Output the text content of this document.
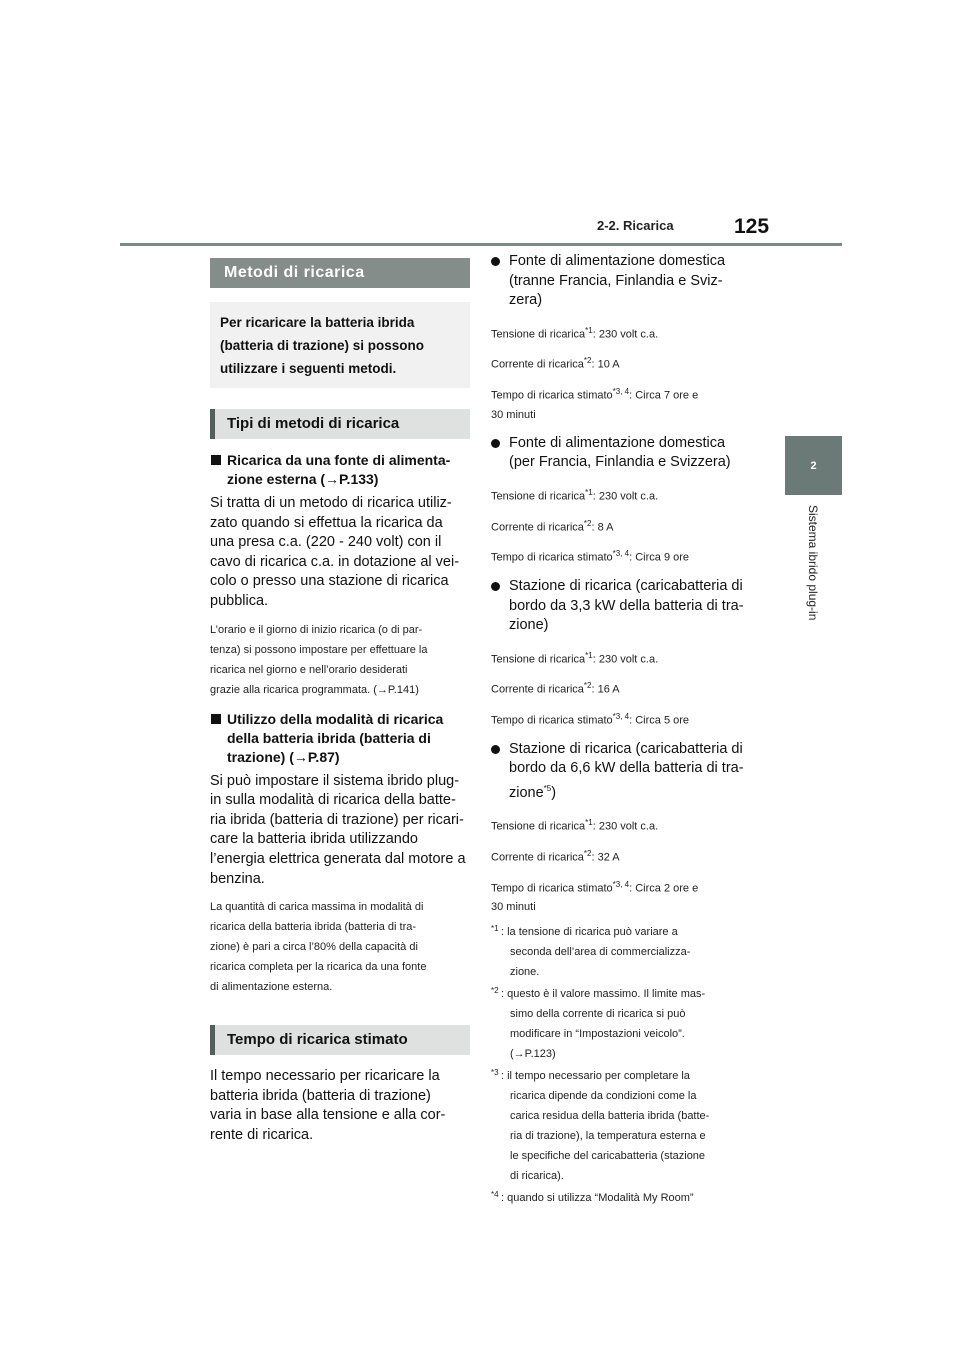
2-2. Ricarica	125
2
Sistema ibrido plug-in
Metodi di ricarica
Per ricaricare la batteria ibrida
(batteria di trazione) si possono
utilizzare i seguenti metodi.
Tipi di metodi di ricarica
Ricarica da una fonte di alimenta-
zione esterna (→P.133)
Si tratta di un metodo di ricarica utiliz-
zato quando si effettua la ricarica da
una presa c.a. (220 - 240 volt) con il
cavo di ricarica c.a. in dotazione al vei-
colo o presso una stazione di ricarica
pubblica.
L’orario e il giorno di inizio ricarica (o di par-
tenza) si possono impostare per effettuare la
ricarica nel giorno e nell’orario desiderati
grazie alla ricarica programmata. (→P.141)
Utilizzo della modalità di ricarica
della batteria ibrida (batteria di
trazione) (→P.87)
Si può impostare il sistema ibrido plug-
in sulla modalità di ricarica della batte-
ria ibrida (batteria di trazione) per ricari-
care la batteria ibrida utilizzando
l’energia elettrica generata dal motore a
benzina.
La quantità di carica massima in modalità di
ricarica della batteria ibrida (batteria di tra-
zione) è pari a circa l’80% della capacità di
ricarica completa per la ricarica da una fonte
di alimentazione esterna.
Tempo di ricarica stimato
Il tempo necessario per ricaricare la
batteria ibrida (batteria di trazione)
varia in base alla tensione e alla cor-
rente di ricarica.
Fonte di alimentazione domestica
(tranne Francia, Finlandia e Sviz-
zera)
Tensione di ricarica$^{*1}$: 230 volt c.a.
Corrente di ricarica$^{*2}$: 10 A
Tempo di ricarica stimato$^{*3, 4}$: Circa 7 ore e
30 minuti
Fonte di alimentazione domestica
(per Francia, Finlandia e Svizzera)
Tensione di ricarica$^{*1}$: 230 volt c.a.
Corrente di ricarica$^{*2}$: 8 A
Tempo di ricarica stimato$^{*3, 4}$: Circa 9 ore
Stazione di ricarica (caricabatteria di
bordo da 3,3 kW della batteria di tra-
zione)
Tensione di ricarica$^{*1}$: 230 volt c.a.
Corrente di ricarica$^{*2}$: 16 A
Tempo di ricarica stimato$^{*3, 4}$: Circa 5 ore
Stazione di ricarica (caricabatteria di
bordo da 6,6 kW della batteria di tra-
zione$^{*5}$)
Tensione di ricarica$^{*1}$: 230 volt c.a.
Corrente di ricarica$^{*2}$: 32 A
Tempo di ricarica stimato$^{*3, 4}$: Circa 2 ore e
30 minuti
$^{*1}$ : la tensione di ricarica può variare a
seconda dell’area di commercializza-
zione.
$^{*2}$ : questo è il valore massimo. Il limite mas-
simo della corrente di ricarica si può
modificare in “Impostazioni veicolo”.
(→P.123)
$^{*3}$ : il tempo necessario per completare la
ricarica dipende da condizioni come la
carica residua della batteria ibrida (batte-
ria di trazione), la temperatura esterna e
le specifiche del caricabatteria (stazione
di ricarica).
$^{*4}$ : quando si utilizza “Modalità My Room”
